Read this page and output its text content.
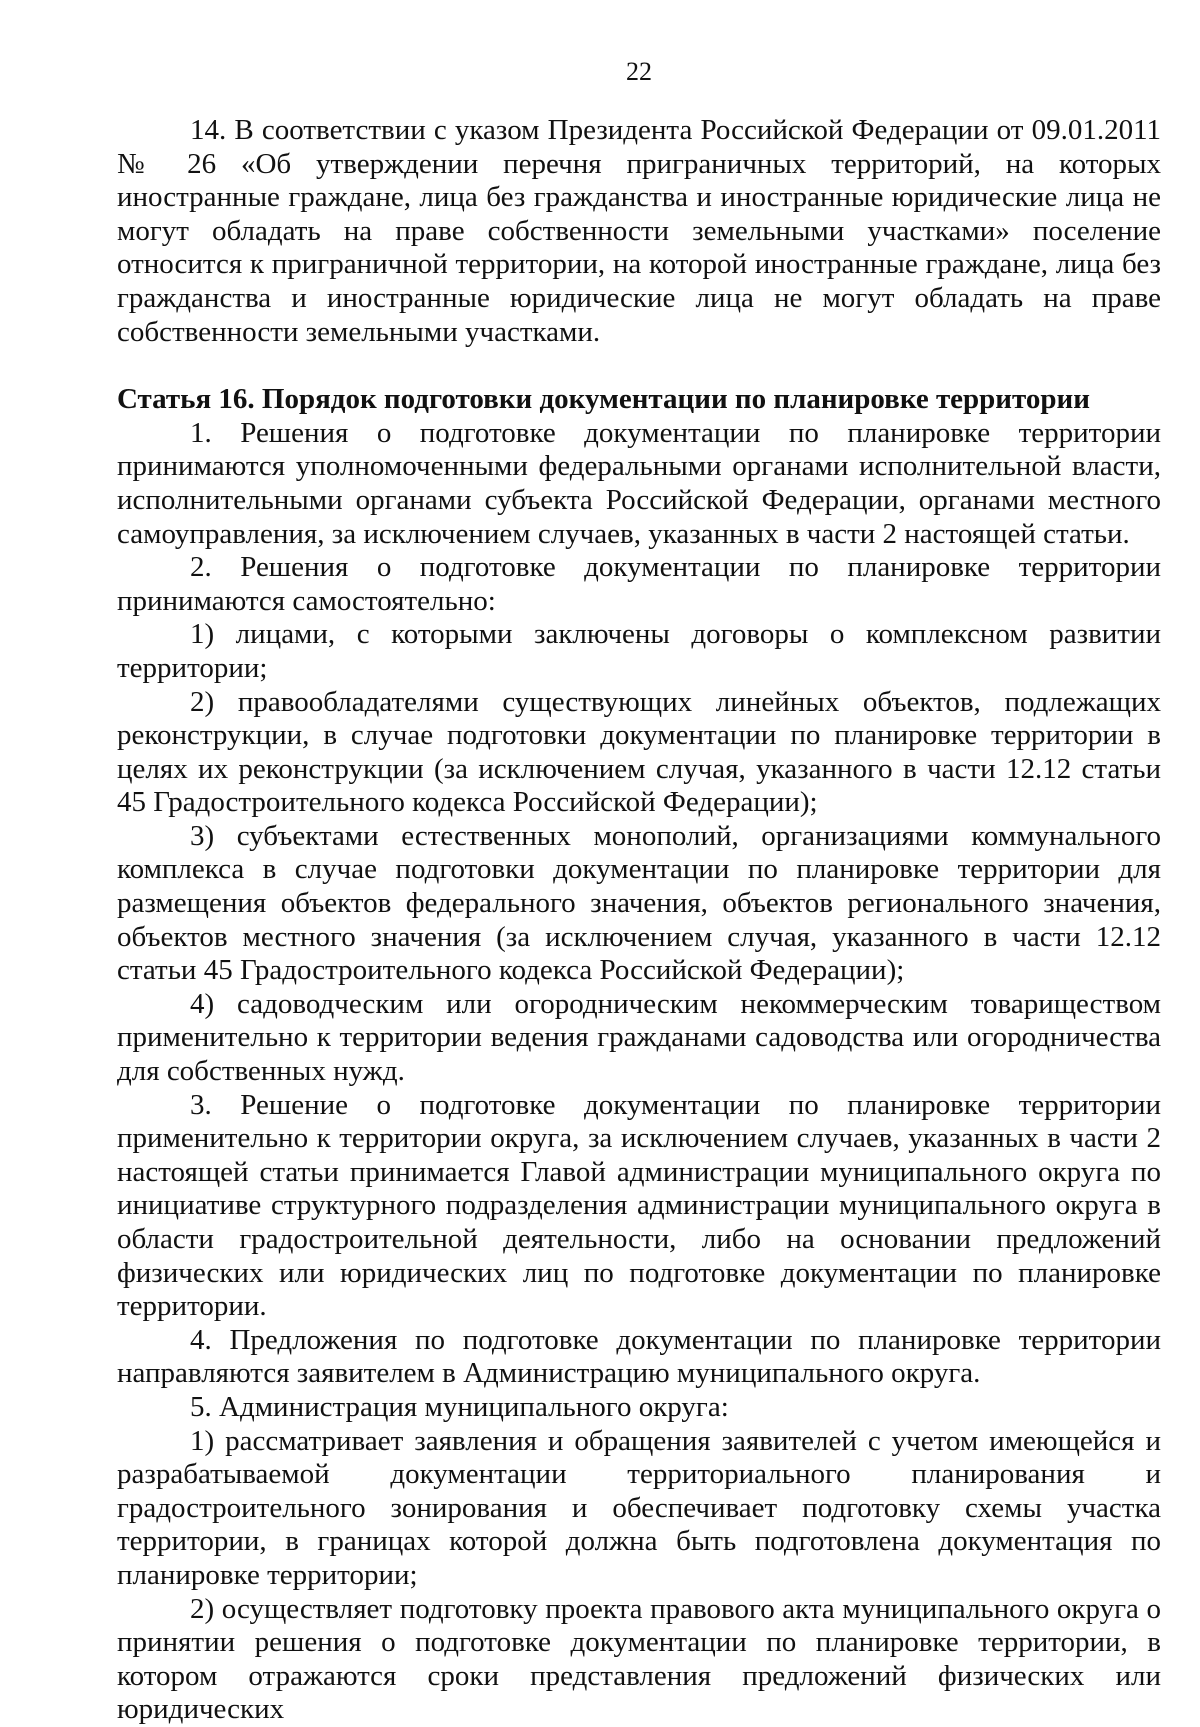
22

14. В соответствии с указом Президента Российской Федерации от 09.01.2011 № 26 «Об утверждении перечня приграничных территорий, на которых иностранные граждане, лица без гражданства и иностранные юридические лица не могут обладать на праве собственности земельными участками» поселение относится к приграничной территории, на которой иностранные граждане, лица без гражданства и иностранные юридические лица не могут обладать на праве собственности земельными участками.

Статья 16. Порядок подготовки документации по планировке территории

1. Решения о подготовке документации по планировке территории принимаются уполномоченными федеральными органами исполнительной власти, исполнительными органами субъекта Российской Федерации, органами местного самоуправления, за исключением случаев, указанных в части 2 настоящей статьи.

2. Решения о подготовке документации по планировке территории принимаются самостоятельно:

1) лицами, с которыми заключены договоры о комплексном развитии территории;

2) правообладателями существующих линейных объектов, подлежащих реконструкции, в случае подготовки документации по планировке территории в целях их реконструкции (за исключением случая, указанного в части 12.12 статьи 45 Градостроительного кодекса Российской Федерации);

3) субъектами естественных монополий, организациями коммунального комплекса в случае подготовки документации по планировке территории для размещения объектов федерального значения, объектов регионального значения, объектов местного значения (за исключением случая, указанного в части 12.12 статьи 45 Градостроительного кодекса Российской Федерации);

4) садоводческим или огородническим некоммерческим товариществом применительно к территории ведения гражданами садоводства или огородничества для собственных нужд.

3. Решение о подготовке документации по планировке территории применительно к территории округа, за исключением случаев, указанных в части 2 настоящей статьи принимается Главой администрации муниципального округа по инициативе структурного подразделения администрации муниципального округа в области градостроительной деятельности, либо на основании предложений физических или юридических лиц по подготовке документации по планировке территории.

4. Предложения по подготовке документации по планировке территории направляются заявителем в Администрацию муниципального округа.

5. Администрация муниципального округа:

1) рассматривает заявления и обращения заявителей с учетом имеющейся и разрабатываемой документации территориального планирования и градостроительного зонирования и обеспечивает подготовку схемы участка территории, в границах которой должна быть подготовлена документация по планировке территории;

2) осуществляет подготовку проекта правового акта муниципального округа о принятии решения о подготовке документации по планировке территории, в котором отражаются сроки представления предложений физических или юридических
